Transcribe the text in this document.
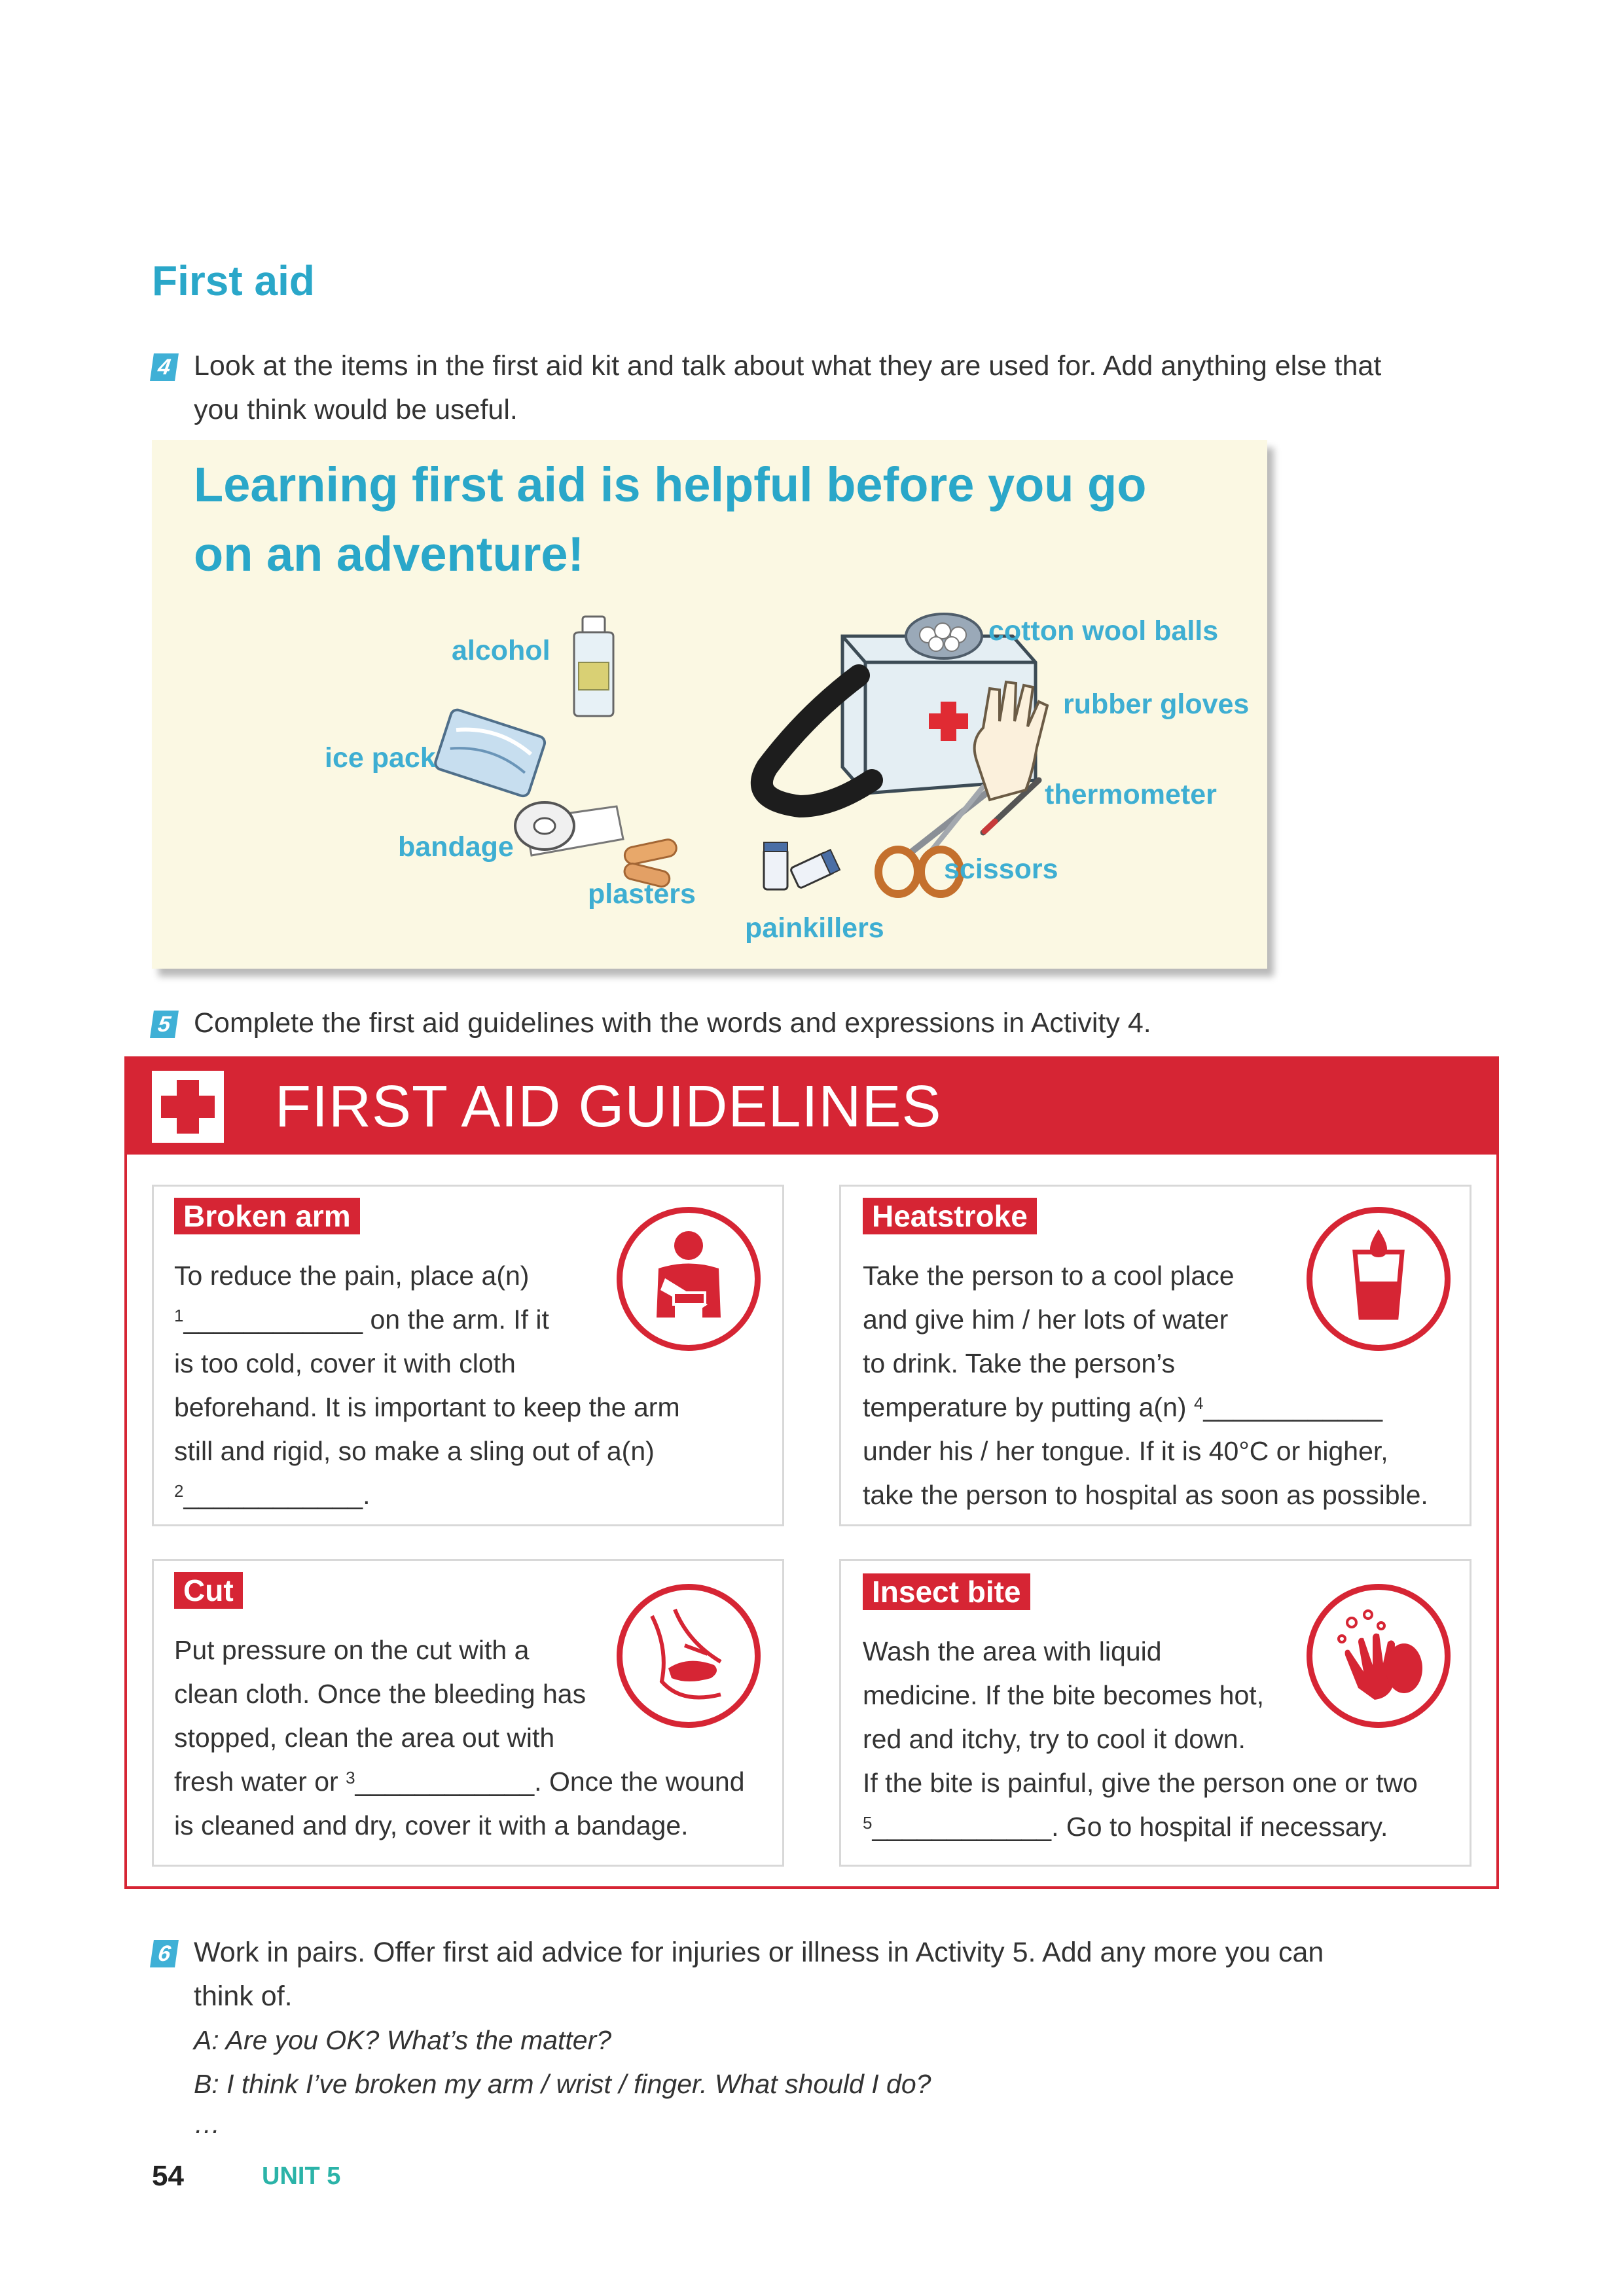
First aid
4 Look at the items in the first aid kit and talk about what they are used for. Add anything else that
you think would be useful.
Learning first aid is helpful before you go
on an adventure!
alcohol
ice pack
bandage
plasters
painkillers
scissors
thermometer
rubber gloves
cotton wool balls
5 Complete the first aid guidelines with the words and expressions in Activity 4.
FIRST AID GUIDELINES
Broken arm
To reduce the pain, place a(n)
$^1$____________ on the arm. If it
is too cold, cover it with cloth
beforehand. It is important to keep the arm
still and rigid, so make a sling out of a(n)
$^2$____________.
Heatstroke
Take the person to a cool place
and give him / her lots of water
to drink. Take the person’s
temperature by putting a(n) $^4$____________
under his / her tongue. If it is 40°C or higher,
take the person to hospital as soon as possible.
Cut
Put pressure on the cut with a
clean cloth. Once the bleeding has
stopped, clean the area out with
fresh water or $^3$____________. Once the wound
is cleaned and dry, cover it with a bandage.
Insect bite
Wash the area with liquid
medicine. If the bite becomes hot,
red and itchy, try to cool it down.
If the bite is painful, give the person one or two
$^5$____________. Go to hospital if necessary.
6 Work in pairs. Offer first aid advice for injuries or illness in Activity 5. Add any more you can
think of.
A: Are you OK? What’s the matter?
B: I think I’ve broken my arm / wrist / finger. What should I do?
…
54	UNIT 5
